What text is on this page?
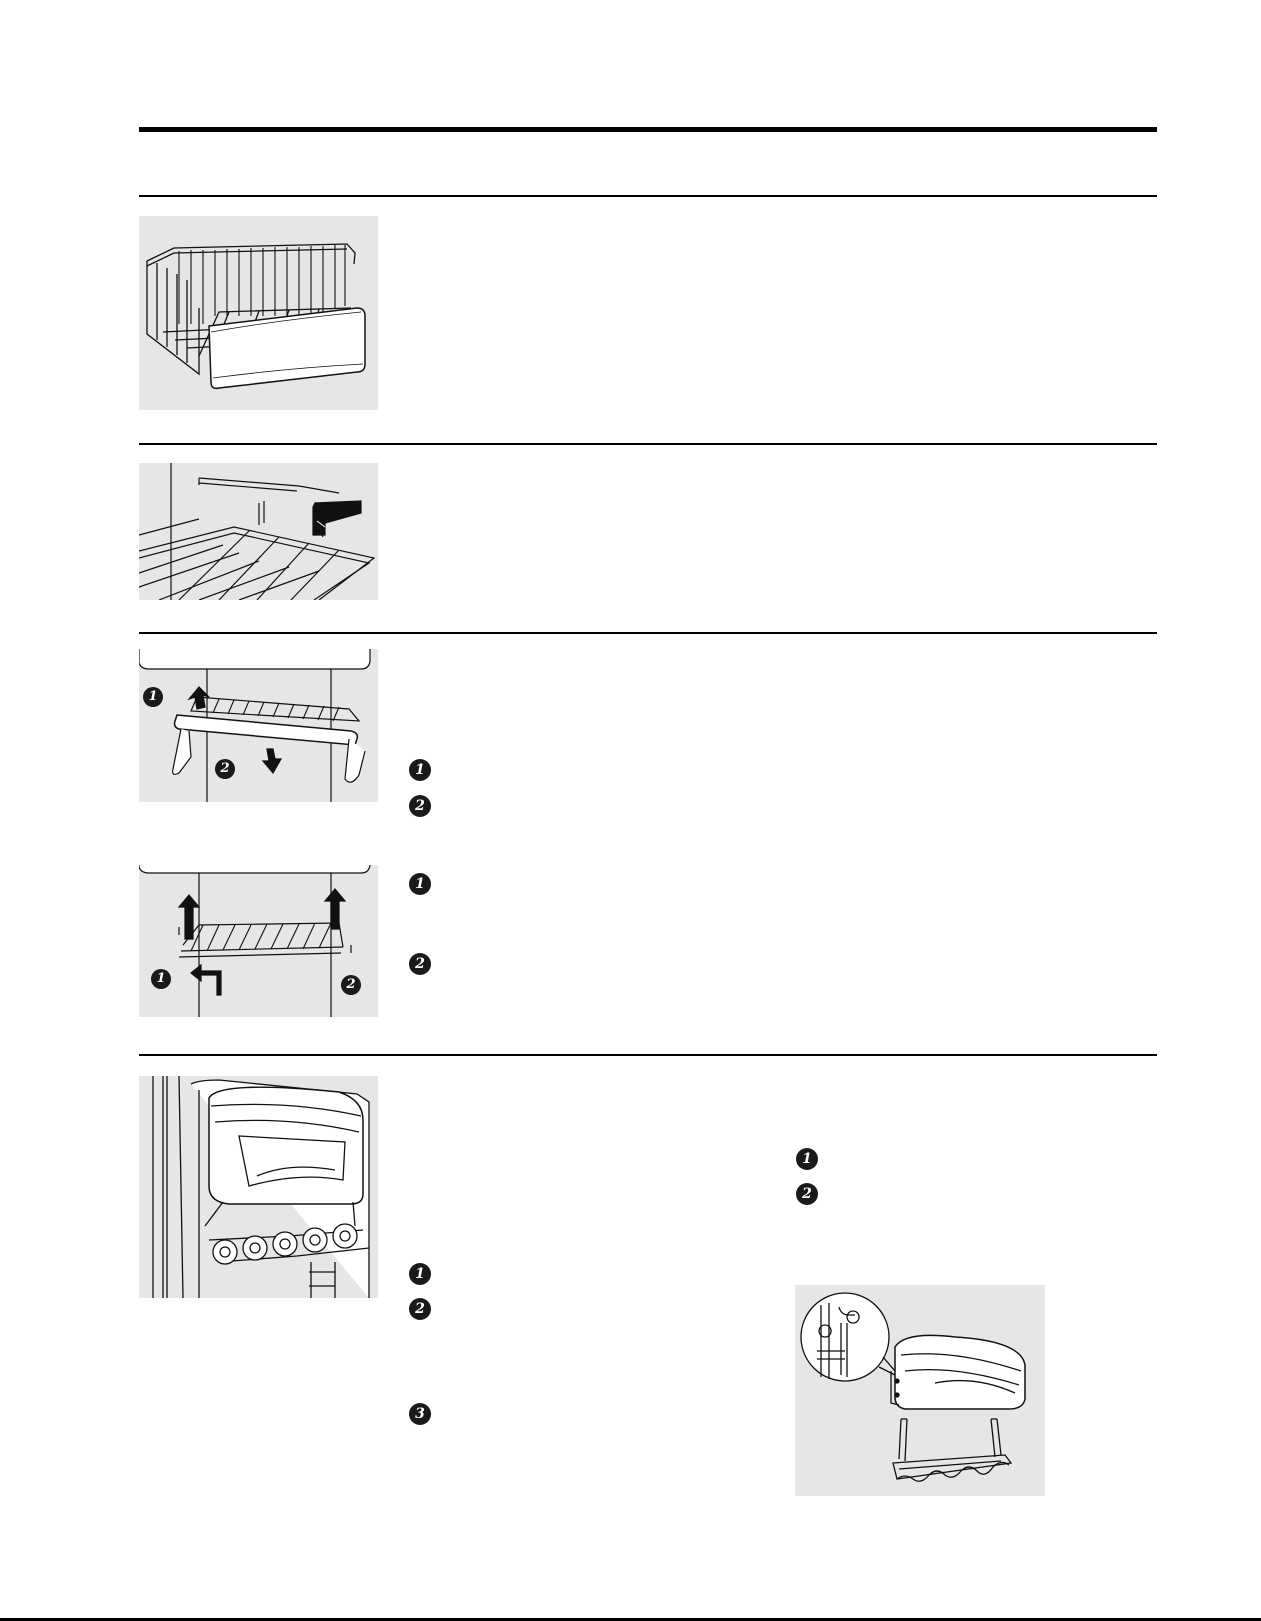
1
2
1	2
1
2
1
2
1
2
3
1
2
